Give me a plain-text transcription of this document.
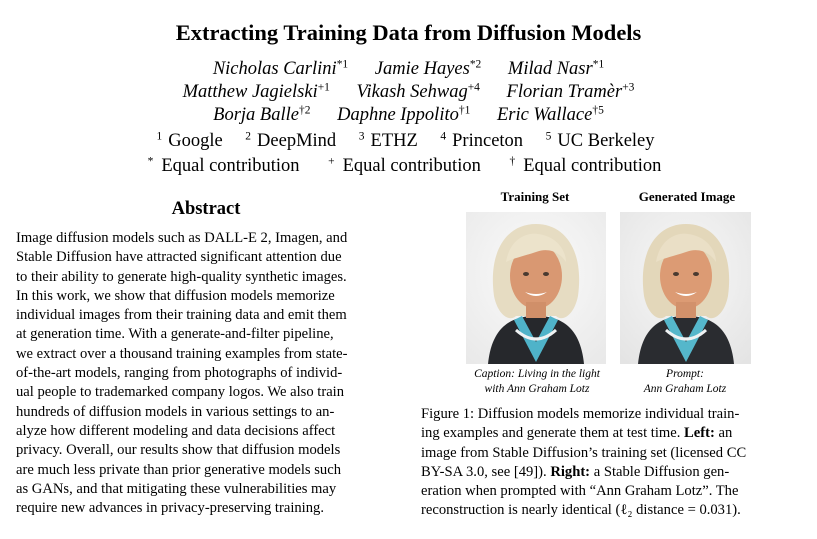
Extracting Training Data from Diffusion Models
Nicholas Carlini$^{*1}$ Jamie Hayes$^{*2}$ Milad Nasr$^{*1}$
Matthew Jagielski$^{+1}$ Vikash Sehwag$^{+4}$ Florian Tramèr$^{+3}$
Borja Balle$^{\dagger 2}$ Daphne Ippolito$^{\dagger 1}$ Eric Wallace$^{\dagger 5}$
$^1$ Google $^2$ DeepMind $^3$ ETHZ $^4$ Princeton $^5$ UC Berkeley
* Equal contribution + Equal contribution † Equal contribution
Abstract
Image diffusion models such as DALL-E 2, Imagen, and
Stable Diffusion have attracted significant attention due
to their ability to generate high-quality synthetic images.
In this work, we show that diffusion models memorize
individual images from their training data and emit them
at generation time. With a generate-and-filter pipeline,
we extract over a thousand training examples from state-
of-the-art models, ranging from photographs of individ-
ual people to trademarked company logos. We also train
hundreds of diffusion models in various settings to an-
alyze how different modeling and data decisions affect
privacy. Overall, our results show that diffusion models
are much less private than prior generative models such
as GANs, and that mitigating these vulnerabilities may
require new advances in privacy-preserving training.
Training Set	Generated Image
Caption: Living in the light
with Ann Graham Lotz
Prompt:
Ann Graham Lotz
Figure 1: Diffusion models memorize individual train-
ing examples and generate them at test time. Left: an
image from Stable Diffusion’s training set (licensed CC
BY-SA 3.0, see [49]). Right: a Stable Diffusion gen-
eration when prompted with “Ann Graham Lotz”. The
reconstruction is nearly identical (ℓ₂ distance = 0.031).
